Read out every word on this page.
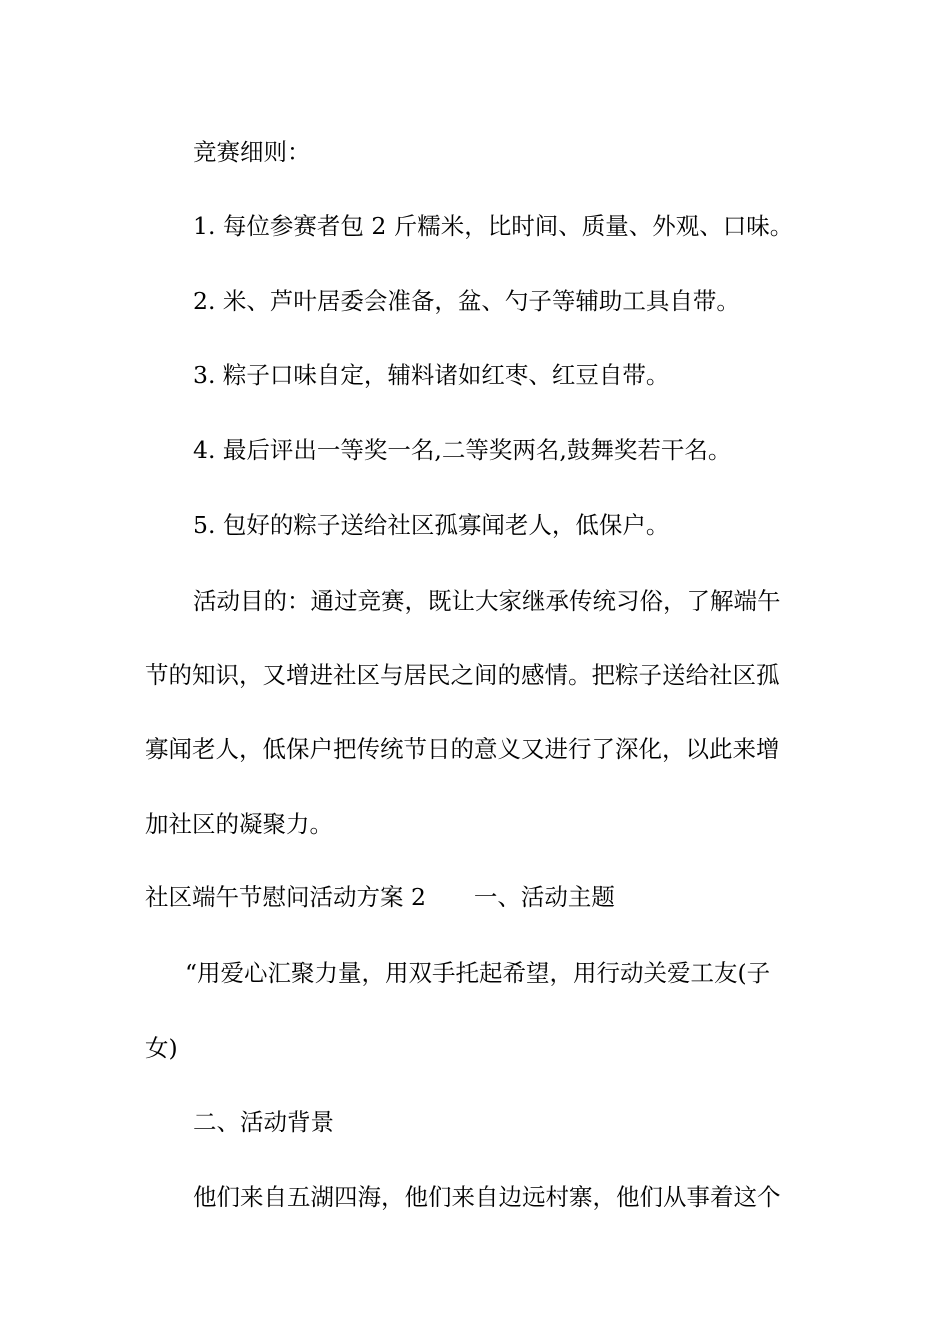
竞赛细则：
1. 每位参赛者包 2 斤糯米，比时间、质量、外观、口味。
2. 米、芦叶居委会准备，盆、勺子等辅助工具自带。
3. 粽子口味自定，辅料诸如红枣、红豆自带。
4. 最后评出一等奖一名,二等奖两名,鼓舞奖若干名。
5. 包好的粽子送给社区孤寡闻老人，低保户。
活动目的：通过竞赛，既让大家继承传统习俗，了解端午
节的知识，又增进社区与居民之间的感情。把粽子送给社区孤
寡闻老人，低保户把传统节日的意义又进行了深化，以此来增
加社区的凝聚力。
社区端午节慰问活动方案 2 一、活动主题
“用爱心汇聚力量，用双手托起希望，用行动关爱工友(子
女)
二、活动背景
他们来自五湖四海，他们来自边远村寨，他们从事着这个
